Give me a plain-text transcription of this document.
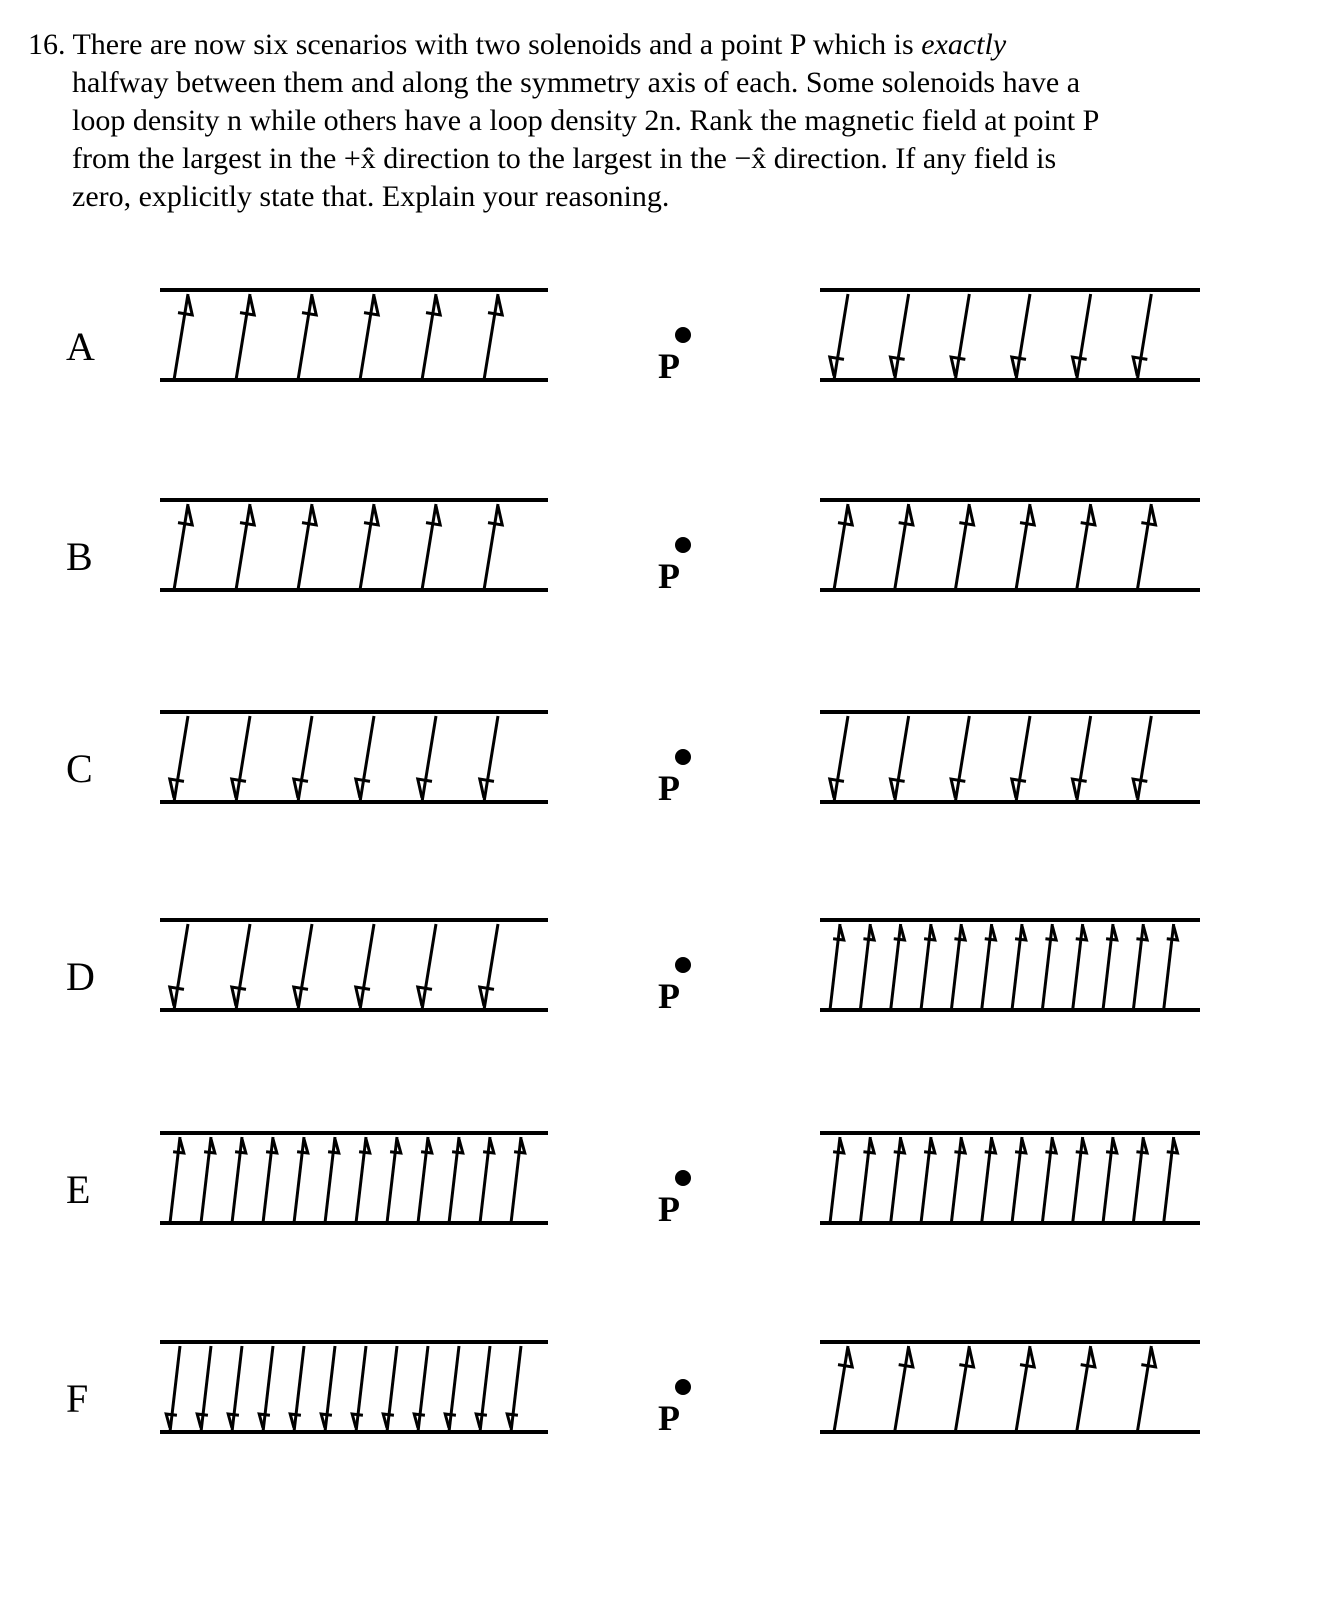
16. There are now six scenarios with two solenoids and a point P which is exactly
halfway between them and along the symmetry axis of each. Some solenoids have a
loop density n while others have a loop density 2n. Rank the magnetic field at point P
from the largest in the +x̂ direction to the largest in the −x̂ direction. If any field is
zero, explicitly state that. Explain your reasoning.
A	P
B	P
C	P
D	P
E	P
F	P
